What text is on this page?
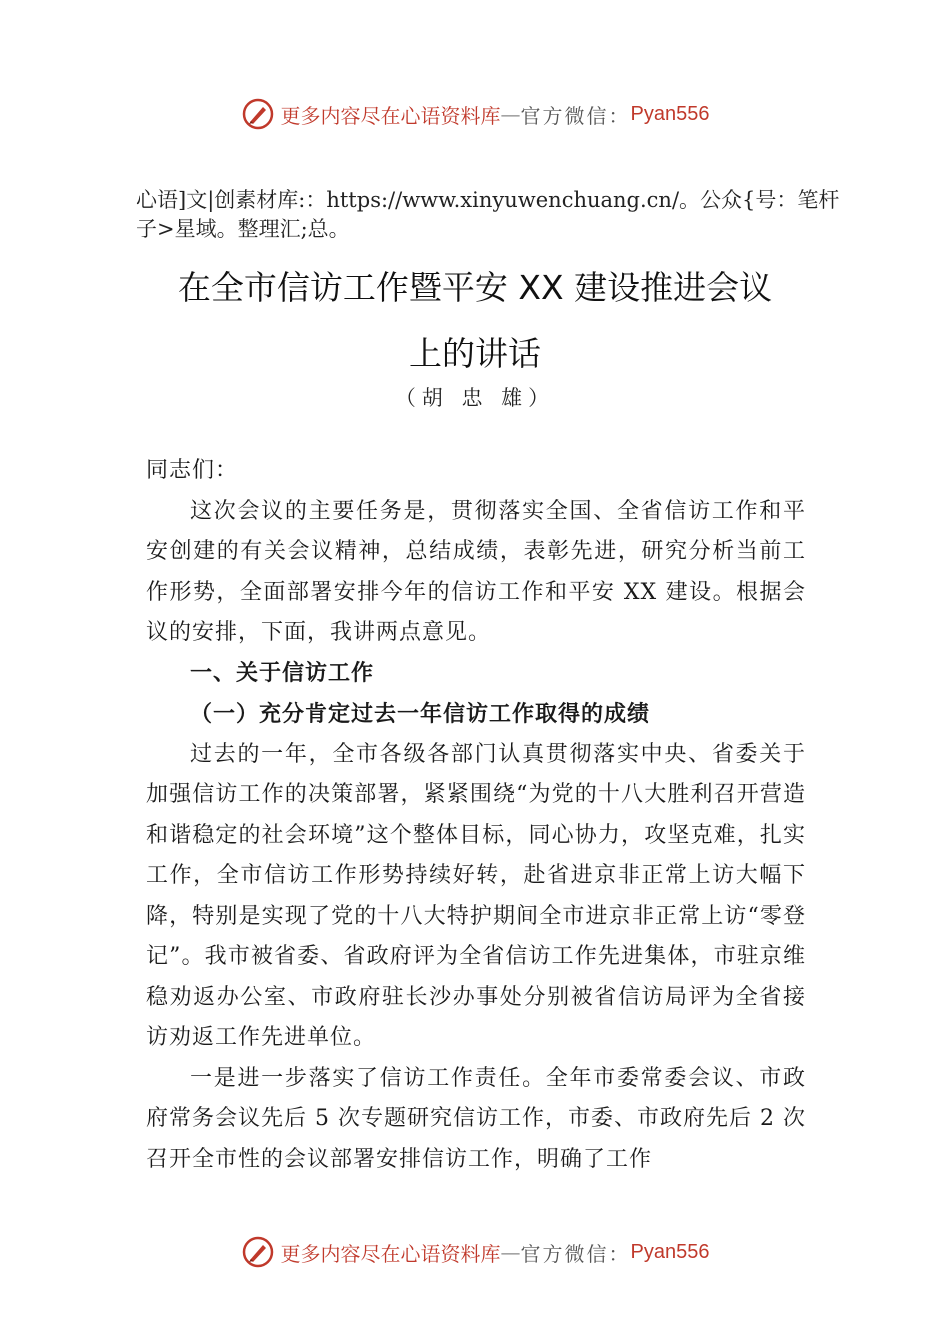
更多内容尽在心语资料库 — 官方微信： Pyan556
心语]文|创素材库:：https://www.xinyuwenchuang.cn/。公众{号：笔杆子>星域。整理汇;总。
在全市信访工作暨平安 XX 建设推进会议
上的讲话
（胡 忠 雄）

同志们：

这次会议的主要任务是，贯彻落实全国、全省信访工作和平安创建的有关会议精神，总结成绩，表彰先进，研究分析当前工作形势，全面部署安排今年的信访工作和平安 XX 建设。根据会议的安排，下面，我讲两点意见。

一、关于信访工作

（一）充分肯定过去一年信访工作取得的成绩

过去的一年，全市各级各部门认真贯彻落实中央、省委关于加强信访工作的决策部署，紧紧围绕“为党的十八大胜利召开营造和谐稳定的社会环境”这个整体目标，同心协力，攻坚克难，扎实工作，全市信访工作形势持续好转，赴省进京非正常上访大幅下降，特别是实现了党的十八大特护期间全市进京非正常上访“零登记”。我市被省委、省政府评为全省信访工作先进集体，市驻京维稳劝返办公室、市政府驻长沙办事处分别被省信访局评为全省接访劝返工作先进单位。

一是进一步落实了信访工作责任。全年市委常委会议、市政府常务会议先后 5 次专题研究信访工作，市委、市政府先后 2 次召开全市性的会议部署安排信访工作，明确了工作

更多内容尽在心语资料库 — 官方微信： Pyan556
